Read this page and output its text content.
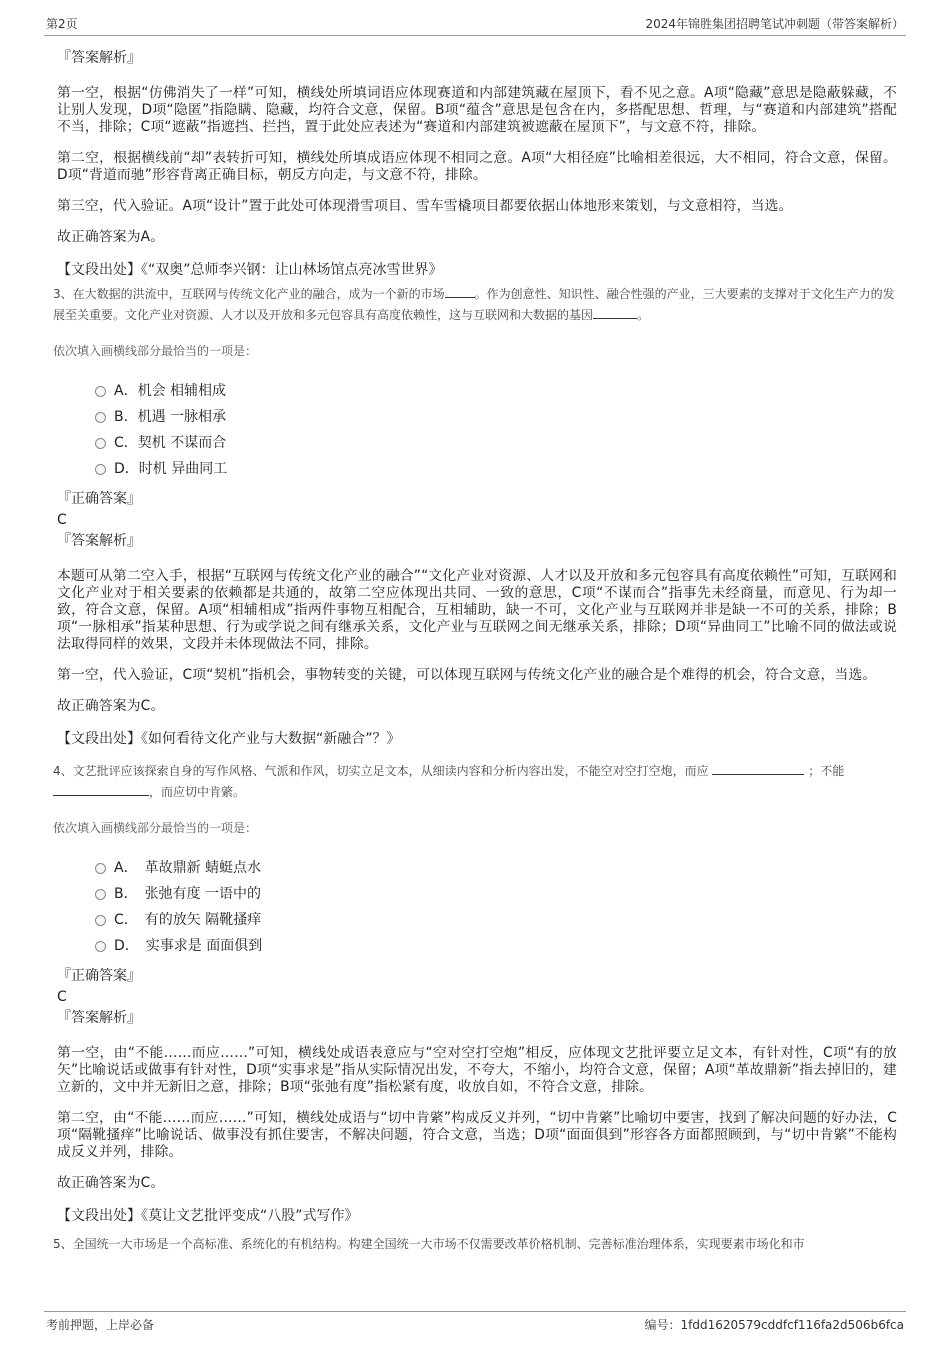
第2页	2024年锦胜集团招聘笔试冲刺题（带答案解析）

『答案解析』

第一空，根据“仿佛消失了一样”可知，横线处所填词语应体现赛道和内部建筑藏在屋顶下，看不见之意。A项“隐藏”意思是隐蔽躲藏，不让别人发现，D项“隐匿”指隐瞒、隐藏，均符合文意，保留。B项“蕴含”意思是包含在内，多搭配思想、哲理，与“赛道和内部建筑”搭配不当，排除；C项“遮蔽”指遮挡、拦挡，置于此处应表述为“赛道和内部建筑被遮蔽在屋顶下”，与文意不符，排除。

第二空，根据横线前“却”表转折可知，横线处所填成语应体现不相同之意。A项“大相径庭”比喻相差很远，大不相同，符合文意，保留。D项“背道而驰”形容背离正确目标，朝反方向走，与文意不符，排除。

第三空，代入验证。A项“设计”置于此处可体现滑雪项目、雪车雪橇项目都要依据山体地形来策划，与文意相符，当选。

故正确答案为A。

【文段出处】《“双奥”总师李兴钢：让山林场馆点亮冰雪世界》

3、在大数据的洪流中，互联网与传统文化产业的融合，成为一个新的市场	。作为创意性、知识性、融合性强的产业，三大要素的支撑对于文化生产力的发展至关重要。文化产业对资源、人才以及开放和多元包容具有高度依赖性，这与互联网和大数据的基因	。

依次填入画横线部分最恰当的一项是：

A．机会 相辅相成
B．机遇 一脉相承
C．契机 不谋而合
D．时机 异曲同工

『正确答案』

C

『答案解析』

本题可从第二空入手，根据“互联网与传统文化产业的融合”“文化产业对资源、人才以及开放和多元包容具有高度依赖性”可知，互联网和文化产业对于相关要素的依赖都是共通的，故第二空应体现出共同、一致的意思，C项“不谋而合”指事先未经商量，而意见、行为却一致，符合文意，保留。A项“相辅相成”指两件事物互相配合，互相辅助，缺一不可，文化产业与互联网并非是缺一不可的关系，排除；B项“一脉相承”指某种思想、行为或学说之间有继承关系，文化产业与互联网之间无继承关系，排除；D项“异曲同工”比喻不同的做法或说法取得同样的效果，文段并未体现做法不同，排除。

第一空，代入验证，C项“契机”指机会，事物转变的关键，可以体现互联网与传统文化产业的融合是个难得的机会，符合文意，当选。

故正确答案为C。

【文段出处】《如何看待文化产业与大数据“新融合”？》

4、文艺批评应该探索自身的写作风格、气派和作风，切实立足文本，从细读内容和分析内容出发，不能空对空打空炮，而应	；不能 ，而应切中肯綮。

依次填入画横线部分最恰当的一项是：

A．　革故鼎新 蜻蜓点水
B．　张弛有度 一语中的
C．　有的放矢 隔靴搔痒
D．　实事求是 面面俱到

『正确答案』

C

『答案解析』

第一空，由“不能……而应……”可知，横线处成语表意应与“空对空打空炮”相反，应体现文艺批评要立足文本，有针对性，C项“有的放矢”比喻说话或做事有针对性，D项“实事求是”指从实际情况出发，不夸大，不缩小，均符合文意，保留；A项“革故鼎新”指去掉旧的，建立新的，文中并无新旧之意，排除；B项“张弛有度”指松紧有度，收放自如，不符合文意，排除。

第二空，由“不能……而应……”可知，横线处成语与“切中肯綮”构成反义并列，“切中肯綮”比喻切中要害，找到了解决问题的好办法，C项“隔靴搔痒”比喻说话、做事没有抓住要害，不解决问题，符合文意，当选；D项“面面俱到”形容各方面都照顾到，与“切中肯綮”不能构成反义并列，排除。

故正确答案为C。

【文段出处】《莫让文艺批评变成“八股”式写作》

5、全国统一大市场是一个高标准、系统化的有机结构。构建全国统一大市场不仅需要改革价格机制、完善标准治理体系，实现要素市场化和市

考前押题，上岸必备	编号：1fdd1620579cddfcf116fa2d506b6fca
